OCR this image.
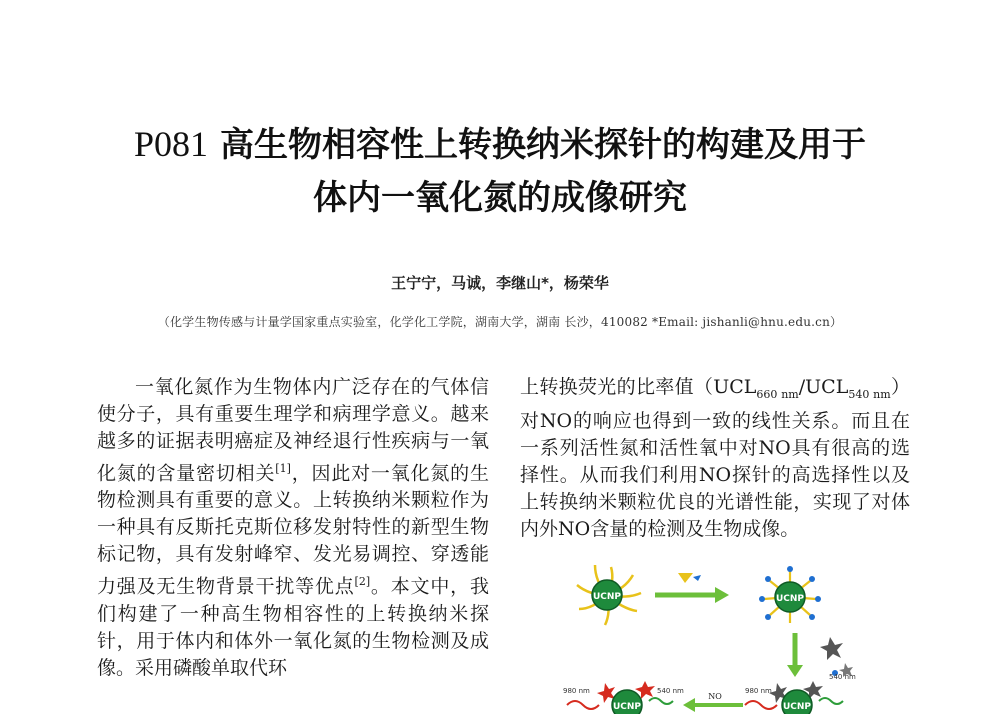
P081 高生物相容性上转换纳米探针的构建及用于
体内一氧化氮的成像研究
王宁宁，马诚，李继山*，杨荣华
（化学生物传感与计量学国家重点实验室，化学化工学院，湖南大学，湖南 长沙，410082 *Email: jishanli@hnu.edu.cn）

一氧化氮作为生物体内广泛存在的气体信使分子，具有重要生理学和病理学意义。越来越多的证据表明癌症及神经退行性疾病与一氧化氮的含量密切相关[1]，因此对一氧化氮的生物检测具有重要的意义。上转换纳米颗粒作为一种具有反斯托克斯位移发射特性的新型生物标记物，具有发射峰窄、发光易调控、穿透能力强及无生物背景干扰等优点[2]。本文中，我们构建了一种高生物相容性的上转换纳米探针，用于体内和体外一氧化氮的生物检测及成像。采用磷酸单取代环

上转换荧光的比率值$(UCL_{660 nm}/UCL_{540 nm})$对NO的响应也得到一致的线性关系。而且在一系列活性氮和活性氧中对NO具有很高的选择性。从而我们利用NO探针的高选择性以及上转换纳米颗粒优良的光谱性能，实现了对体内外NO含量的检测及生物成像。

UCNP	UCNP
980 nm
UCNP
540 nm
NO
980 nm
UCNP
540 nm
